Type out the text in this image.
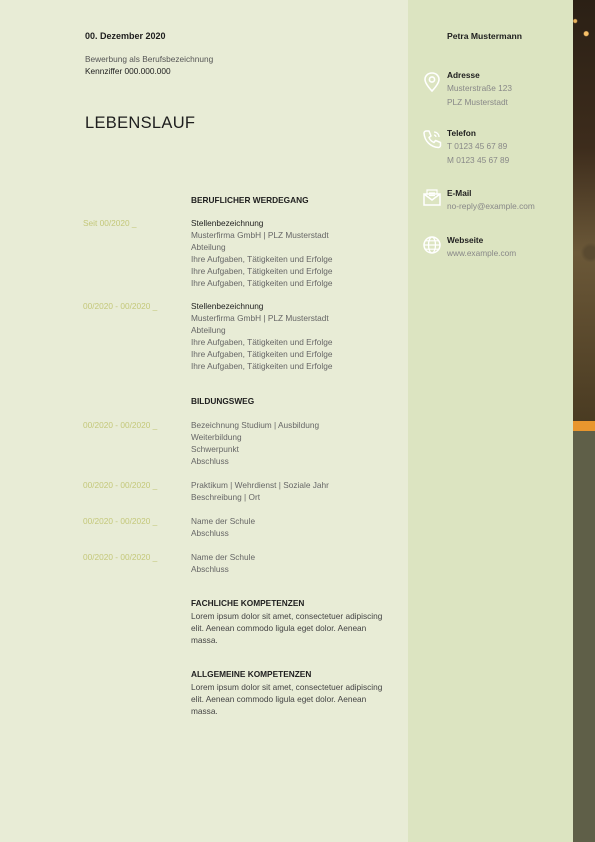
00. Dezember 2020
Bewerbung als Berufsbezeichnung
Kennziffer 000.000.000
LEBENSLAUF
BERUFLICHER WERDEGANG
Seit 00/2020 _	Stellenbezeichnung
Musterfirma GmbH | PLZ Musterstadt
Abteilung
Ihre Aufgaben, Tätigkeiten und Erfolge
Ihre Aufgaben, Tätigkeiten und Erfolge
Ihre Aufgaben, Tätigkeiten und Erfolge
00/2020 - 00/2020 _	Stellenbezeichnung
Musterfirma GmbH | PLZ Musterstadt
Abteilung
Ihre Aufgaben, Tätigkeiten und Erfolge
Ihre Aufgaben, Tätigkeiten und Erfolge
Ihre Aufgaben, Tätigkeiten und Erfolge
BILDUNGSWEG
00/2020 - 00/2020 _	Bezeichnung Studium | Ausbildung
Weiterbildung
Schwerpunkt
Abschluss
00/2020 - 00/2020 _	Praktikum | Wehrdienst | Soziale Jahr
Beschreibung | Ort
00/2020 - 00/2020 _	Name der Schule
Abschluss
00/2020 - 00/2020 _	Name der Schule
Abschluss
FACHLICHE KOMPETENZEN
Lorem ipsum dolor sit amet, consectetuer adipiscing elit. Aenean commodo ligula eget dolor. Aenean massa.
ALLGEMEINE KOMPETENZEN
Lorem ipsum dolor sit amet, consectetuer adipiscing elit. Aenean commodo ligula eget dolor. Aenean massa.
Petra Mustermann
Adresse
Musterstraße 123
PLZ Musterstadt
Telefon
T 0123 45 67 89
M 0123 45 67 89
E-Mail
no-reply@example.com
Webseite
www.example.com
